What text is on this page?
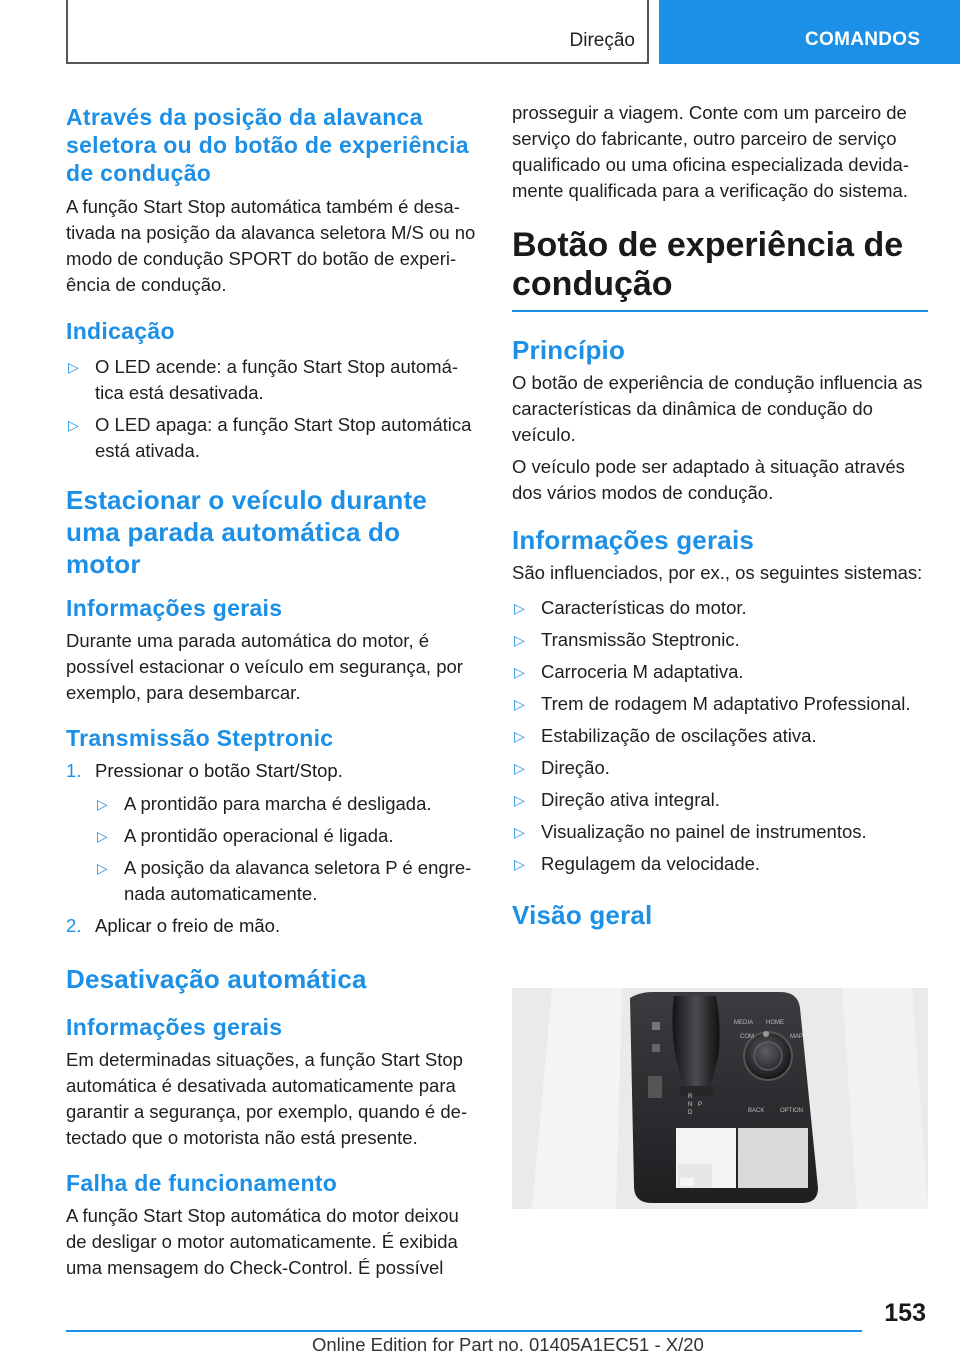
Direção	COMANDOS
Através da posição da alavanca seletora ou do botão de experiência de condução

A função Start Stop automática também é desativada na posição da alavanca seletora M/S ou no modo de condução SPORT do botão de experiência de condução.

Indicação
▷ O LED acende: a função Start Stop automática está desativada.
▷ O LED apaga: a função Start Stop automática está ativada.
Estacionar o veículo durante uma parada automática do motor
Informações gerais

Durante uma parada automática do motor, é possível estacionar o veículo em segurança, por exemplo, para desembarcar.

Transmissão Steptronic
1. Pressionar o botão Start/Stop.
▷ A prontidão para marcha é desligada.
▷ A prontidão operacional é ligada.
▷ A posição da alavanca seletora P é engrenada automaticamente.
2. Aplicar o freio de mão.
Desativação automática
Informações gerais

Em determinadas situações, a função Start Stop automática é desativada automaticamente para garantir a segurança, por exemplo, quando é detectado que o motorista não está presente.

Falha de funcionamento

A função Start Stop automática do motor deixou de desligar o motor automaticamente. É exibida uma mensagem do Check-Control. É possível

prosseguir a viagem. Conte com um parceiro de serviço do fabricante, outro parceiro de serviço qualificado ou uma oficina especializada devidamente qualificada para a verificação do sistema.

Botão de experiência de condução
Princípio

O botão de experiência de condução influencia as características da dinâmica de condução do veículo.

O veículo pode ser adaptado à situação através dos vários modos de condução.

Informações gerais

São influenciados, por ex., os seguintes sistemas:

▷ Características do motor.
▷ Transmissão Steptronic.
▷ Carroceria M adaptativa.
▷ Trem de rodagem M adaptativo Professional.
▷ Estabilização de oscilações ativa.
▷ Direção.
▷ Direção ativa integral.
▷ Visualização no painel de instrumentos.
▷ Regulagem da velocidade.
Visão geral
MEDIA HOME
COM	MAP
BACK	OPTION
R
N
D
P
153
Online Edition for Part no. 01405A1EC51 - X/20
